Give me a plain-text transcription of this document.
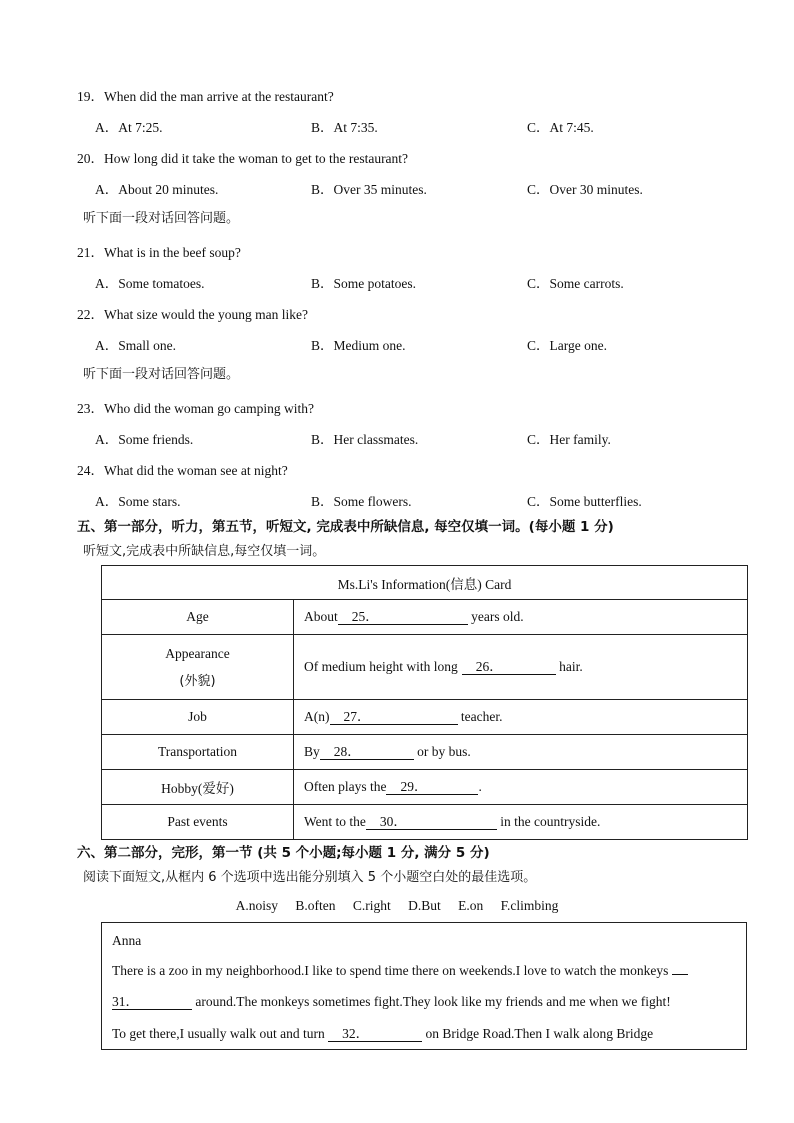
19．When did the man arrive at the restaurant?
A．At 7:25.	B．At 7:35.	C．At 7:45.
20．How long did it take the woman to get to the restaurant?
A．About 20 minutes.	B．Over 35 minutes.	C．Over 30 minutes.
听下面一段对话回答问题。
21．What is in the beef soup?
A．Some tomatoes.	B．Some potatoes.	C．Some carrots.
22．What size would the young man like?
A．Small one.	B．Medium one.	C．Large one.
听下面一段对话回答问题。
23．Who did the woman go camping with?
A．Some friends.	B．Her classmates.	C．Her family.
24．What did the woman see at night?
A．Some stars.	B．Some flowers.	C．Some butterflies.
五、第一部分，听力，第五节，听短文, 完成表中所缺信息, 每空仅填一词。(每小题 1 分)
听短文,完成表中所缺信息,每空仅填一词。
Ms.Li's Information(信息) Card	
Age	About 25． years old.

Appearance
(外貌)	Of medium height with long 26． hair.
Job	A(n) 27． teacher.
Transportation	By 28． or by bus.
Hobby(爱好)	Often plays the 29． .
Past events	Went to the 30． in the countryside.
六、第二部分，完形，第一节 (共 5 个小题;每小题 1 分, 满分 5 分)
阅读下面短文,从框内 6 个选项中选出能分别填入 5 个小题空白处的最佳选项。
A.noisy B.often C.right D.But E.on F.climbing
Anna
There is a zoo in my neighborhood.I like to spend time there on weekends.I love to watch the monkeys
31．	around.The monkeys sometimes fight.They look like my friends and me when we fight!
To get there,I usually walk out and turn 32．	on Bridge Road.Then I walk along Bridge
